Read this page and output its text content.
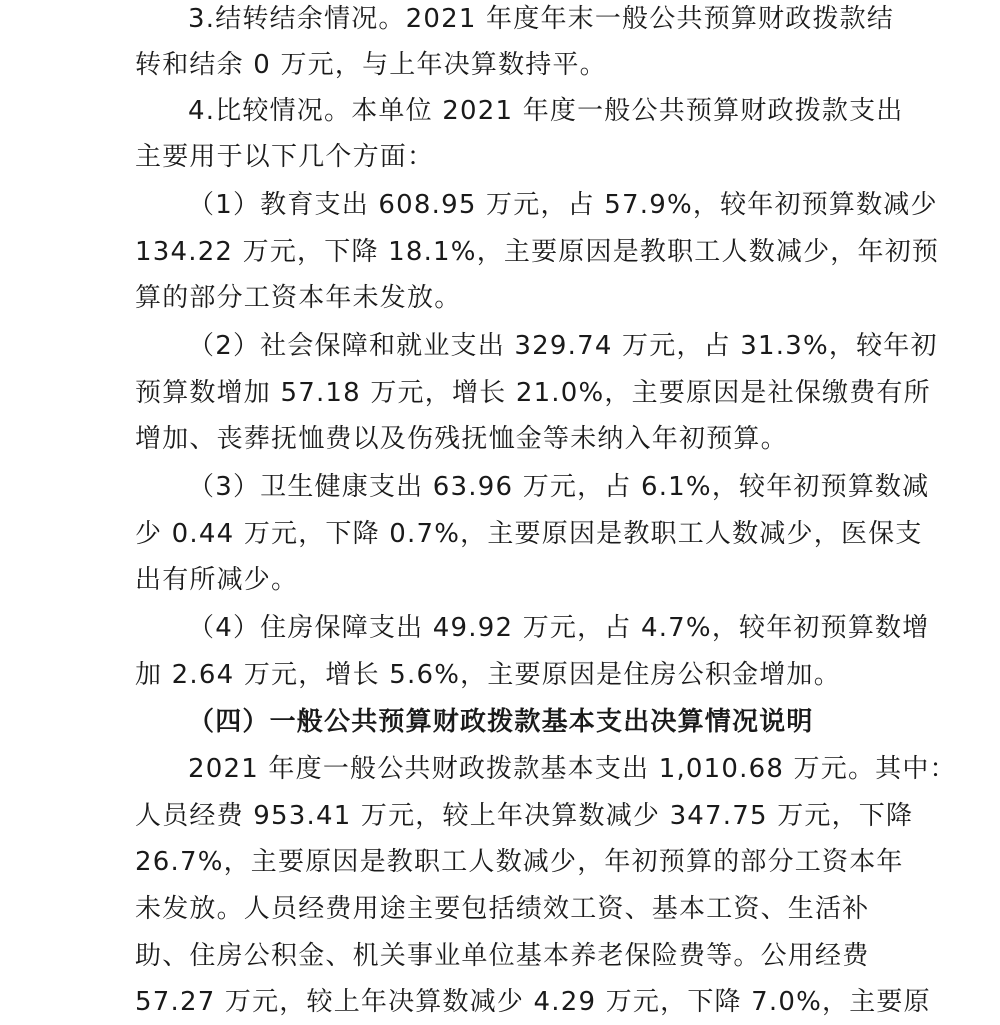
3.结转结余情况。2021 年度年末一般公共预算财政拨款结
转和结余 0 万元，与上年决算数持平。
4.比较情况。本单位 2021 年度一般公共预算财政拨款支出
主要用于以下几个方面：
（1）教育支出 608.95 万元，占 57.9%，较年初预算数减少
134.22 万元，下降 18.1%，主要原因是教职工人数减少，年初预
算的部分工资本年未发放。
（2）社会保障和就业支出 329.74 万元，占 31.3%，较年初
预算数增加 57.18 万元，增长 21.0%，主要原因是社保缴费有所
增加、丧葬抚恤费以及伤残抚恤金等未纳入年初预算。
（3）卫生健康支出 63.96 万元，占 6.1%，较年初预算数减
少 0.44 万元，下降 0.7%，主要原因是教职工人数减少，医保支
出有所减少。
（4）住房保障支出 49.92 万元，占 4.7%，较年初预算数增
加 2.64 万元，增长 5.6%，主要原因是住房公积金增加。
（四）一般公共预算财政拨款基本支出决算情况说明
2021 年度一般公共财政拨款基本支出 1,010.68 万元。其中：
人员经费 953.41 万元，较上年决算数减少 347.75 万元，下降
26.7%，主要原因是教职工人数减少，年初预算的部分工资本年
未发放。人员经费用途主要包括绩效工资、基本工资、生活补
助、住房公积金、机关事业单位基本养老保险费等。公用经费
57.27 万元，较上年决算数减少 4.29 万元，下降 7.0%，主要原
